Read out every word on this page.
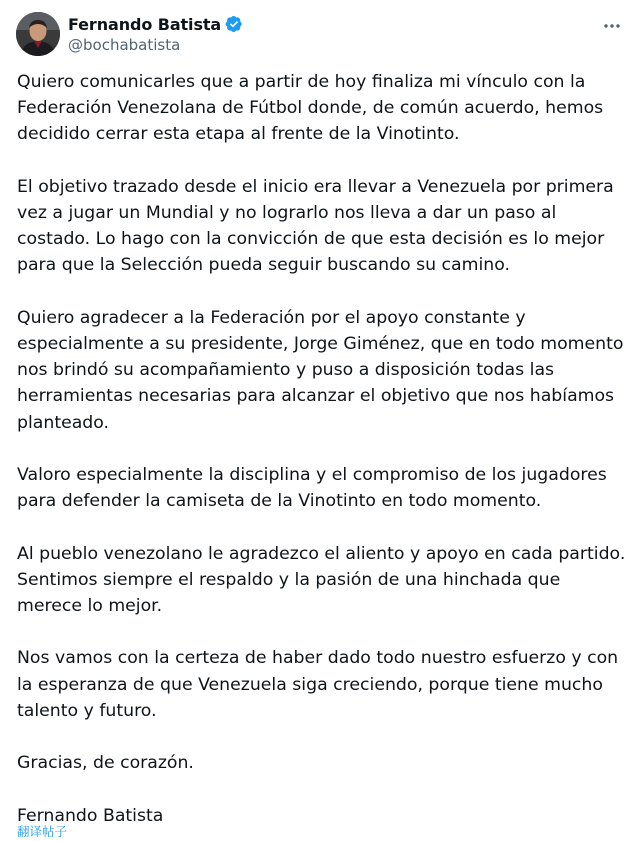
Fernando Batista
@bochabatista

Quiero comunicarles que a partir de hoy finaliza mi vínculo con la Federación Venezolana de Fútbol donde, de común acuerdo, hemos decidido cerrar esta etapa al frente de la Vinotinto.

El objetivo trazado desde el inicio era llevar a Venezuela por primera vez a jugar un Mundial y no lograrlo nos lleva a dar un paso al costado. Lo hago con la convicción de que esta decisión es lo mejor para que la Selección pueda seguir buscando su camino.

Quiero agradecer a la Federación por el apoyo constante y especialmente a su presidente, Jorge Giménez, que en todo momento nos brindó su acompañamiento y puso a disposición todas las herramientas necesarias para alcanzar el objetivo que nos habíamos planteado.

Valoro especialmente la disciplina y el compromiso de los jugadores para defender la camiseta de la Vinotinto en todo momento.

Al pueblo venezolano le agradezco el aliento y apoyo en cada partido. Sentimos siempre el respaldo y la pasión de una hinchada que merece lo mejor.

Nos vamos con la certeza de haber dado todo nuestro esfuerzo y con la esperanza de que Venezuela siga creciendo, porque tiene mucho talento y futuro.

Gracias, de corazón.

Fernando Batista

翻译帖子
